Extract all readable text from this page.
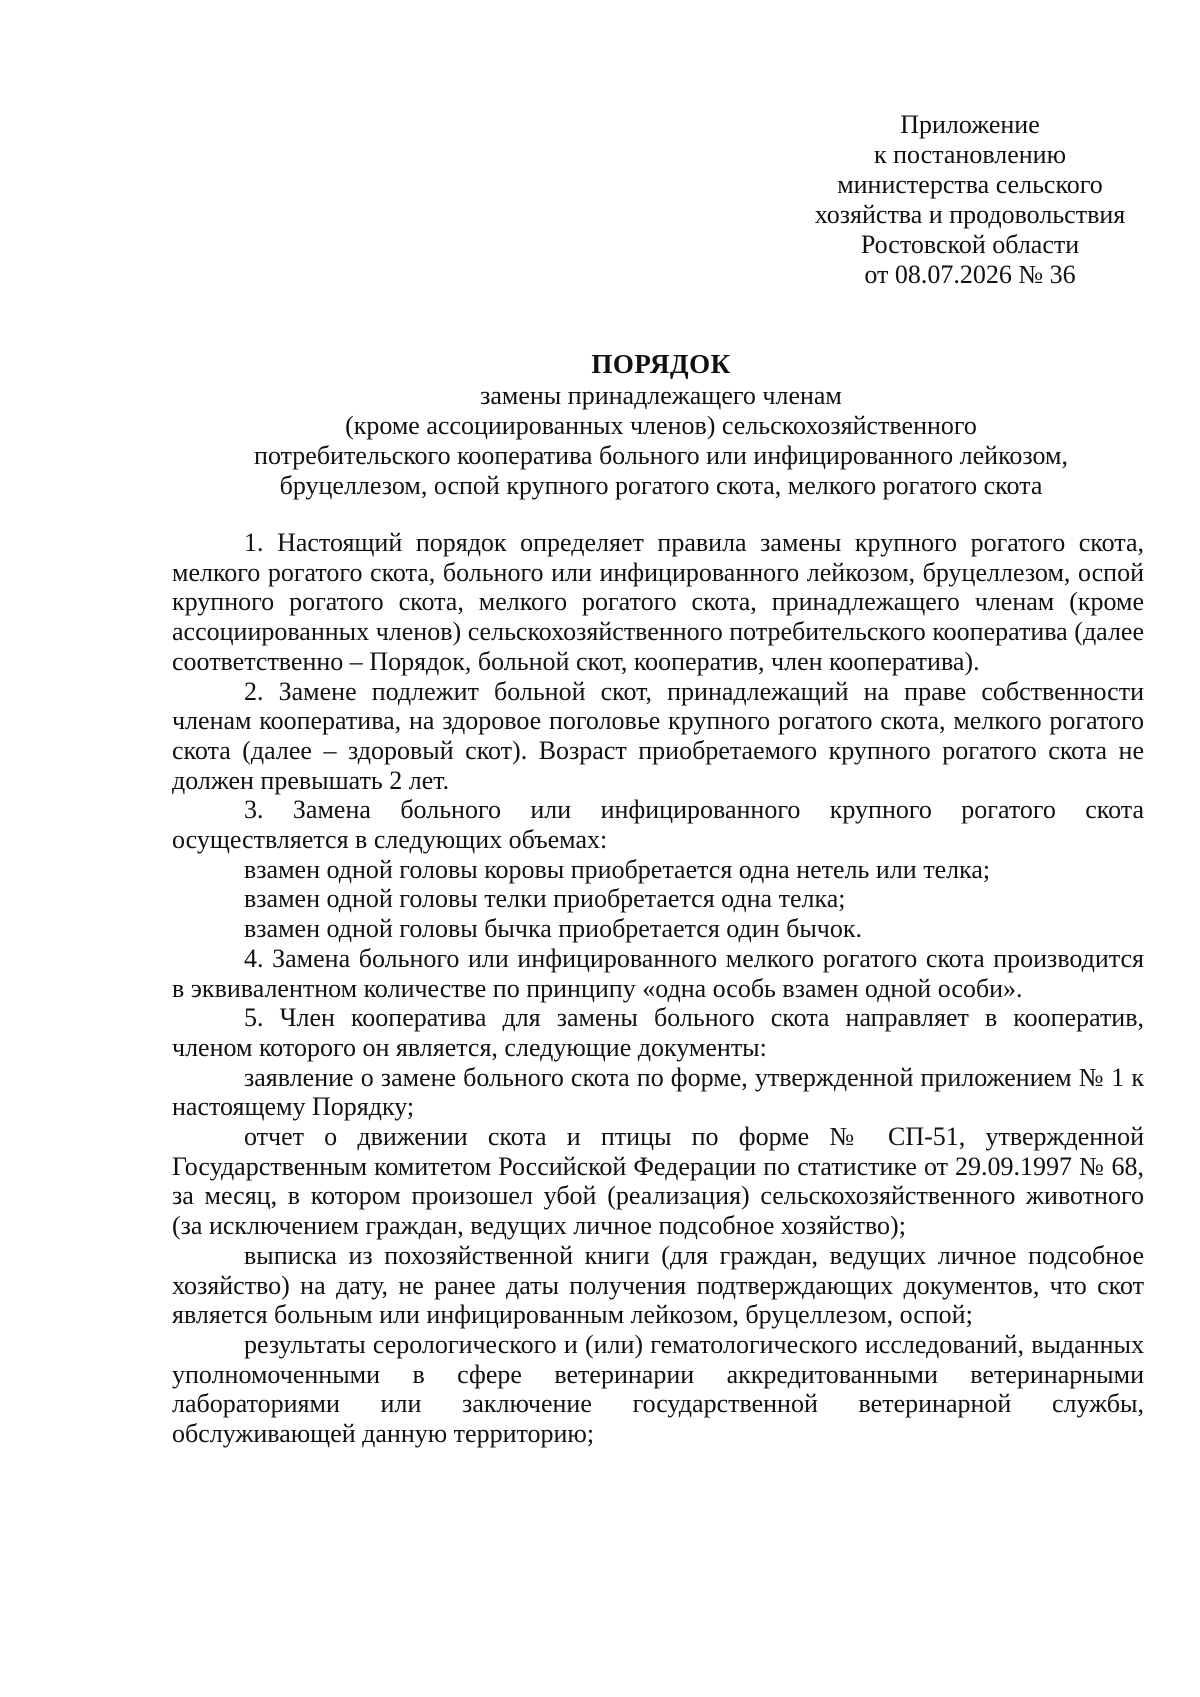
Приложение
к постановлению
министерства сельского
хозяйства и продовольствия
Ростовской области
от 08.07.2026 № 36
ПОРЯДОК
замены принадлежащего членам
(кроме ассоциированных членов) сельскохозяйственного
потребительского кооператива больного или инфицированного лейкозом,
бруцеллезом, оспой крупного рогатого скота, мелкого рогатого скота

1. Настоящий порядок определяет правила замены крупного рогатого скота, мелкого рогатого скота, больного или инфицированного лейкозом, бруцеллезом, оспой крупного рогатого скота, мелкого рогатого скота, принадлежащего членам (кроме ассоциированных членов) сельскохозяйственного потребительского кооператива (далее соответственно – Порядок, больной скот, кооператив, член кооператива).

2. Замене подлежит больной скот, принадлежащий на праве собственности членам кооператива, на здоровое поголовье крупного рогатого скота, мелкого рогатого скота (далее – здоровый скот). Возраст приобретаемого крупного рогатого скота не должен превышать 2 лет.

3. Замена больного или инфицированного крупного рогатого скота осуществляется в следующих объемах:

взамен одной головы коровы приобретается одна нетель или телка;

взамен одной головы телки приобретается одна телка;

взамен одной головы бычка приобретается один бычок.

4. Замена больного или инфицированного мелкого рогатого скота производится в эквивалентном количестве по принципу «одна особь взамен одной особи».

5. Член кооператива для замены больного скота направляет в кооператив, членом которого он является, следующие документы:

заявление о замене больного скота по форме, утвержденной приложением № 1 к настоящему Порядку;

отчет о движении скота и птицы по форме № СП-51, утвержденной Государственным комитетом Российской Федерации по статистике от 29.09.1997 № 68, за месяц, в котором произошел убой (реализация) сельскохозяйственного животного (за исключением граждан, ведущих личное подсобное хозяйство);

выписка из похозяйственной книги (для граждан, ведущих личное подсобное хозяйство) на дату, не ранее даты получения подтверждающих документов, что скот является больным или инфицированным лейкозом, бруцеллезом, оспой;

результаты серологического и (или) гематологического исследований, выданных уполномоченными в сфере ветеринарии аккредитованными ветеринарными лабораториями или заключение государственной ветеринарной службы, обслуживающей данную территорию;
